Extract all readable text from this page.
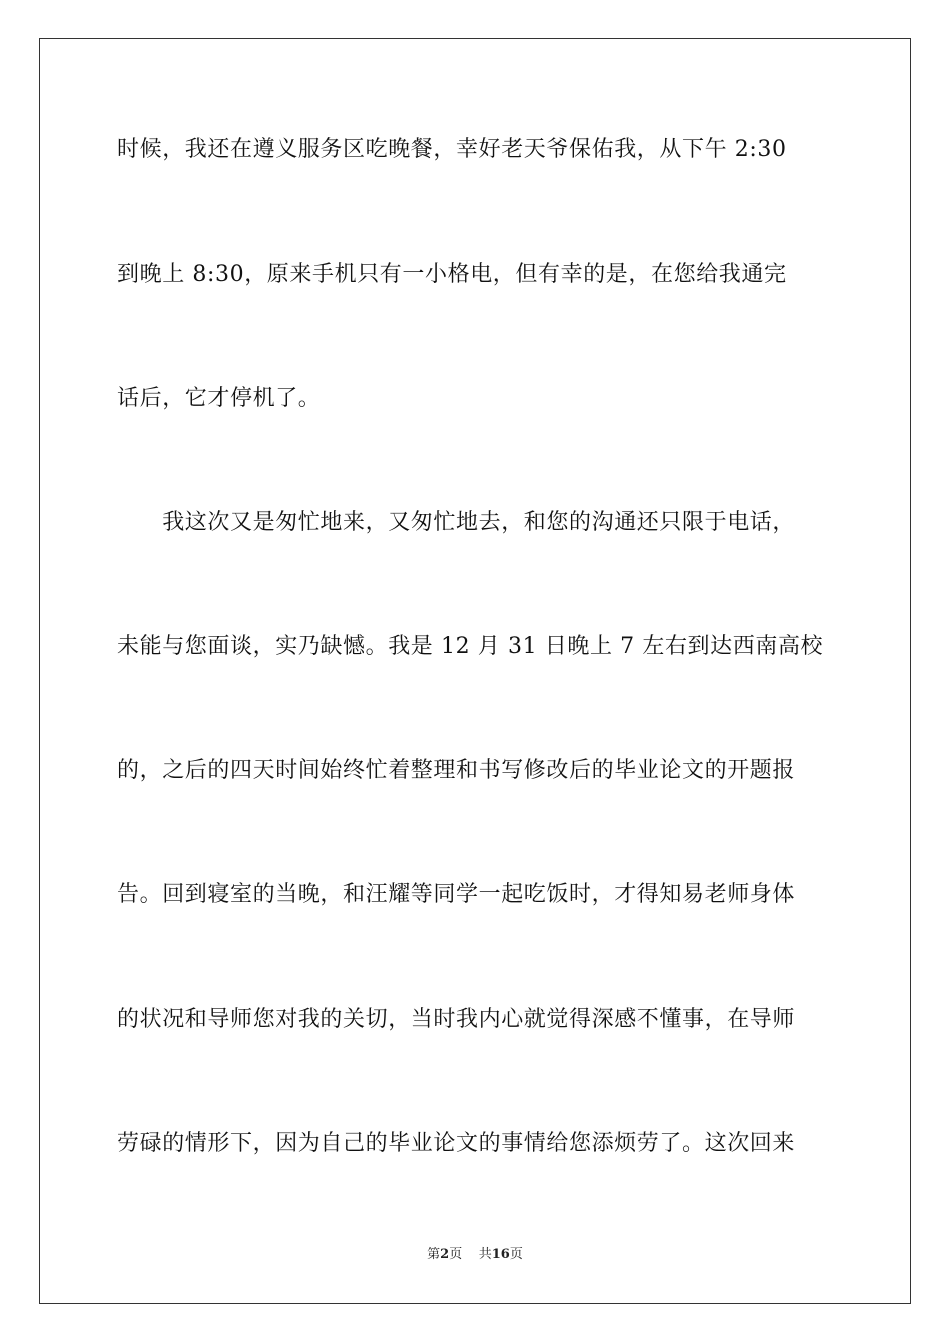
时候，我还在遵义服务区吃晚餐，幸好老天爷保佑我，从下午 2:30
到晚上 8:30，原来手机只有一小格电，但有幸的是，在您给我通完
话后，它才停机了。
　　我这次又是匆忙地来，又匆忙地去，和您的沟通还只限于电话，
未能与您面谈，实乃缺憾。我是 12 月 31 日晚上 7 左右到达西南高校
的，之后的四天时间始终忙着整理和书写修改后的毕业论文的开题报
告。回到寝室的当晚，和汪耀等同学一起吃饭时，才得知易老师身体
的状况和导师您对我的关切，当时我内心就觉得深感不懂事，在导师
劳碌的情形下，因为自己的毕业论文的事情给您添烦劳了。这次回来
第2页 共16页
